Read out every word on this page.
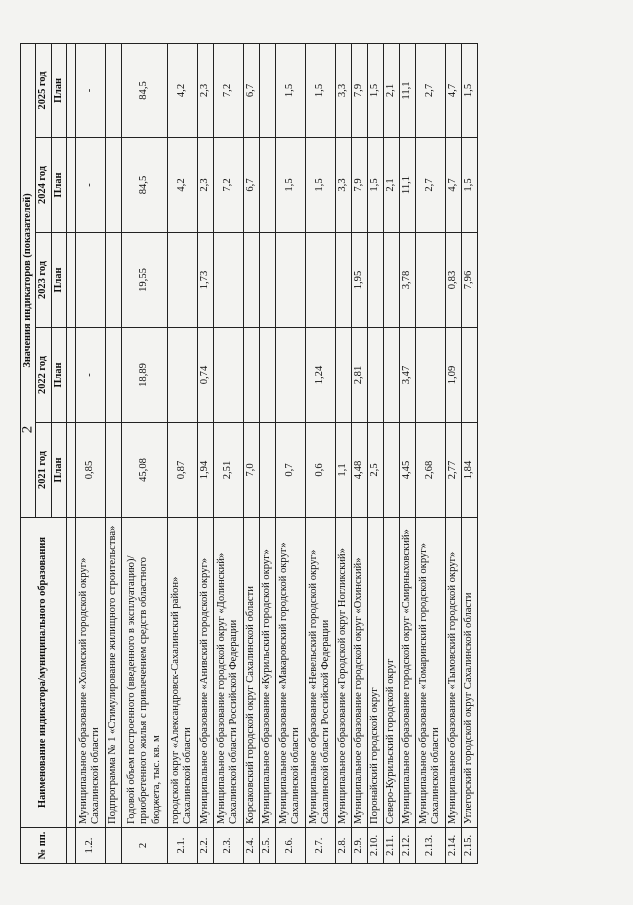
2
№ пп.	Наименование индикатора/муниципального образования	Значения индикаторов (показателей)				
		2021 год	2022 год	2023 год	2024 год	2025 год
		План	План	План	План	План

1.2.	Муниципальное образование «Холмский городской округ» Сахалинской области	0,85	-		-	-
	Подпрограмма № 1 «Стимулирование жилищного строительства»					
2	Годовой объем построенного (введенного в эксплуатацию)/приобретенного жилья с привлечением средств областного бюджета, тыс. кв. м	45,08	18,89	19,55	84,5	84,5
2.1.	городской округ «Александровск-Сахалинский район» Сахалинской области	0,87			4,2	4,2
2.2.	Муниципальное образование «Анивский городской округ»	1,94	0,74	1,73	2,3	2,3
2.3.	Муниципальное образование городской округ «Долинский» Сахалинской области Российской Федерации	2,51			7,2	7,2
2.4.	Корсаковский городской округ Сахалинской области	7,0			6,7	6,7
2.5.	Муниципальное образование «Курильский городской округ»					
2.6.	Муниципальное образование «Макаровский городской округ» Сахалинской области	0,7			1,5	1,5
2.7.	Муниципальное образование «Невельский городской округ» Сахалинской области Российской Федерации	0,6	1,24		1,5	1,5
2.8.	Муниципальное образование «Городской округ Ногликский»	1,1			3,3	3,3
2.9.	Муниципальное образование городской округ «Охинский»	4,48	2,81	1,95	7,9	7,9
2.10.	Поронайский городской округ	2,5			1,5	1,5
2.11.	Северо-Курильский городской округ				2,1	2,1
2.12.	Муниципальное образование городской округ «Смирныховский»	4,45	3,47	3,78	11,1	11,1
2.13.	Муниципальное образование «Томаринский городской округ» Сахалинской области	2,68			2,7	2,7
2.14.	Муниципальное образование «Тымовский городской округ»	2,77	1,09	0,83	4,7	4,7
2.15.	Углегорский городской округ Сахалинской области	1,84		7,96	1,5	1,5
